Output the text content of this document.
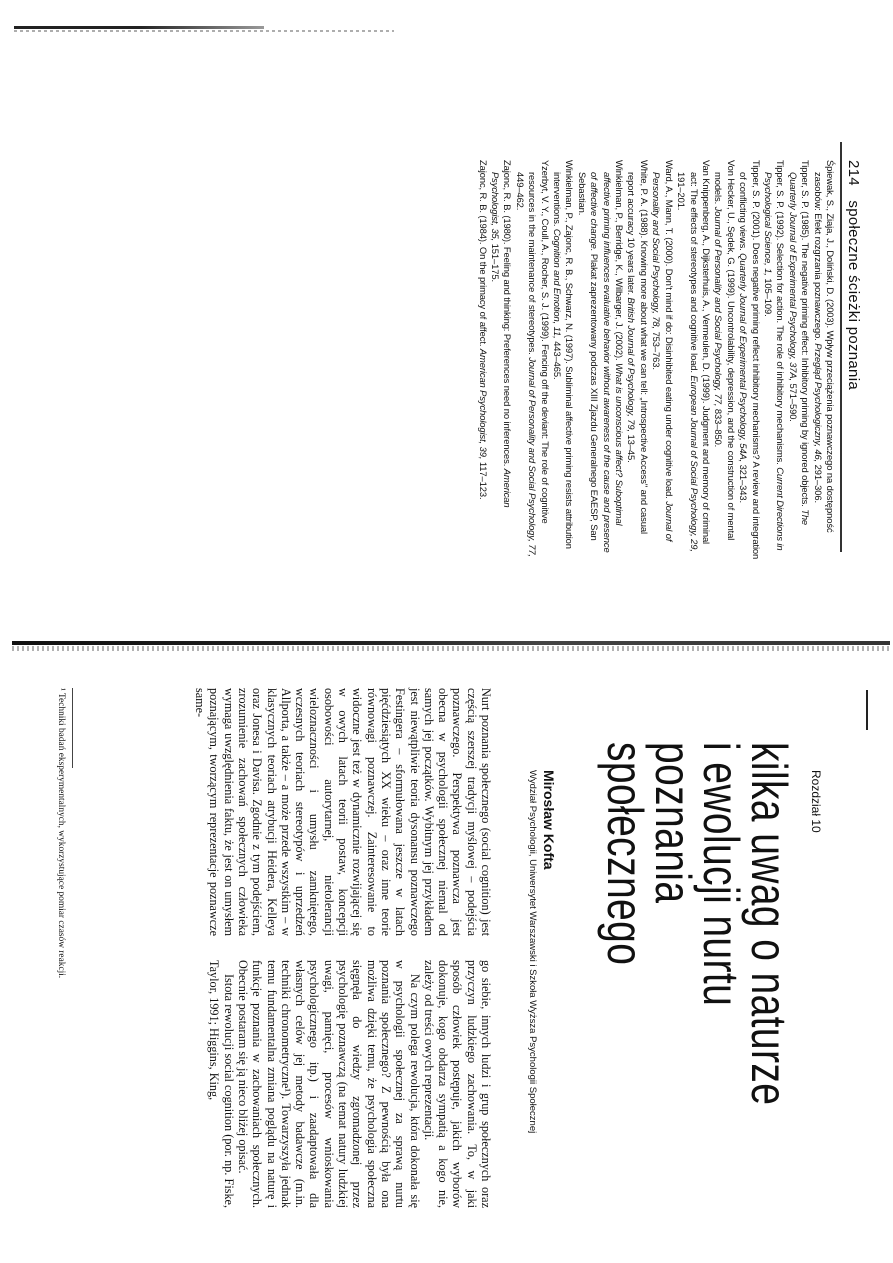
214 społeczne ścieżki poznania

Śpiewak, S., Ziaja, J., Doliński, D. (2003). Wpływ przeciążenia poznawczego na dostępność zasobów: Efekt rozgrzania poznawczego. Przegląd Psychologiczny, 46, 291–306.

Tipper, S. P. (1985). The negative priming effect: Inhibitory priming by ignored objects. The Quarterly Journal of Experimental Psychology, 37A, 571–590.

Tipper, S. P. (1992). Selection for action. The role of inhibitory mechanisms. Current Directions in Psychological Science, 1, 105–109.

Tipper, S. P. (2001). Does negative priming reflect inhibitory mechanisms? A review and integration of conflicting views. Quarterly Journal of Experimental Psychology, 54A, 321–343.

Von Hecker, U., Sędek, G. (1999). Uncontrolability, depression, and the construction of mental models. Journal of Personality and Social Psychology, 77, 833–850.

Van Knippenberg, A., Dijksterhuis, A., Vermeulen, D. (1999). Judgment and memory of criminal act: The effects of stereotypes and cognitive load. European Journal of Social Psychology, 29, 191–201.

Ward, A., Mann, T. (2000). Don't mind if do: Disinhibited eating under cognitive load. Journal of Personality and Social Psychology, 78, 753–763.

White, P. A. (1988). Knowing more about what we can tell: „Introspective Access" and casual report accuracy 10 years later. British Journal of Psychology, 79, 13–45.

Winkielman, P., Berridge, K., Wilbarger, J. (2002). What is unconscious affect? Suboptimal affective priming influences evaluative behavior without awareness of the cause and presence of affective change. Plakat zaprezentowany podczas XIII Zjazdu Generalnego EAESP, San Sebastian.

Winkielman, P., Zajonc, R. B., Schwarz, N. (1997). Subliminal affective priming resists attribution interventions. Cognition and Emotion, 11, 443–465.

Yzerbyt, V. Y., Coull, A., Rocher, S. J. (1999). Fencing off the deviant: The role of cognitive resources in the maintenance of stereotypes. Journal of Personality and Social Psychology, 77, 449–462.

Zajonc, R. B. (1980). Feeling and thinking: Preferences need no inferences. American Psychologist, 35, 151–175.

Zajonc, R. B. (1984). On the primacy of affect. American Psychologist, 39, 117–123.

Rozdział 10
kilka uwag o naturze
i ewolucji nurtu poznania
społecznego
Mirosław Kofta
Wydział Psychologii, Uniwersytet Warszawski i Szkoła Wyższa Psychologii Społecznej

Nurt poznania społecznego (social cognition) jest częścią szerszej tradycji myślowej – podejścia poznawczego. Perspektywa poznawcza jest obecna w psychologii społecznej niemal od samych jej początków. Wybitnym jej przykładem jest niewątpliwie teoria dysonansu poznawczego Festingera – sformułowana jeszcze w latach pięćdziesiątych XX wieku – oraz inne teorie równowagi poznawczej. Zainteresowanie to widoczne jest też w dynamicznie rozwijającej się w owych latach teorii postaw, koncepcji osobowości autorytarnej, nietolerancji wieloznaczności i umysłu zamkniętego, wczesnych teoriach stereotypów i uprzedzeń Allporta, a także – a może przede wszystkim – w klasycznych teoriach atrybucji Heidera, Kelleya oraz Jonesa i Davisa. Zgodnie z tym podejściem, zrozumienie zachowań społecznych człowieka wymaga uwzględnienia faktu, że jest on umysłem poznającym, tworzącym reprezentacje poznawcze same-

go siebie, innych ludzi i grup społecznych oraz przyczyn ludzkiego zachowania. To, w jaki sposób człowiek postępuje, jakich wyborów dokonuje, kogo obdarza sympatią a kogo nie, zależy od treści owych reprezentacji.

Na czym polega rewolucja, która dokonała się w psychologii społecznej za sprawą nurtu poznania społecznego? Z pewnością była ona możliwa dzięki temu, że psychologia społeczna sięgnęła do wiedzy zgromadzonej przez psychologię poznawczą (na temat natury ludzkiej uwagi, pamięci, procesów wnioskowania psychologicznego itp.) i zaadaptowała dla własnych celów jej metody badawcze (m.in. techniki chronometryczne¹). Towarzyszyła jednak temu fundamentalna zmiana poglądu na naturę i funkcje poznania w zachowaniach społecznych. Obecnie postaram się ją nieco bliżej opisać.

Istota rewolucji social cognition (por. np. Fiske, Taylor, 1991; Higgins, King,

¹ Techniki badań eksperymentalnych, wykorzystujące pomiar czasów reakcji.
